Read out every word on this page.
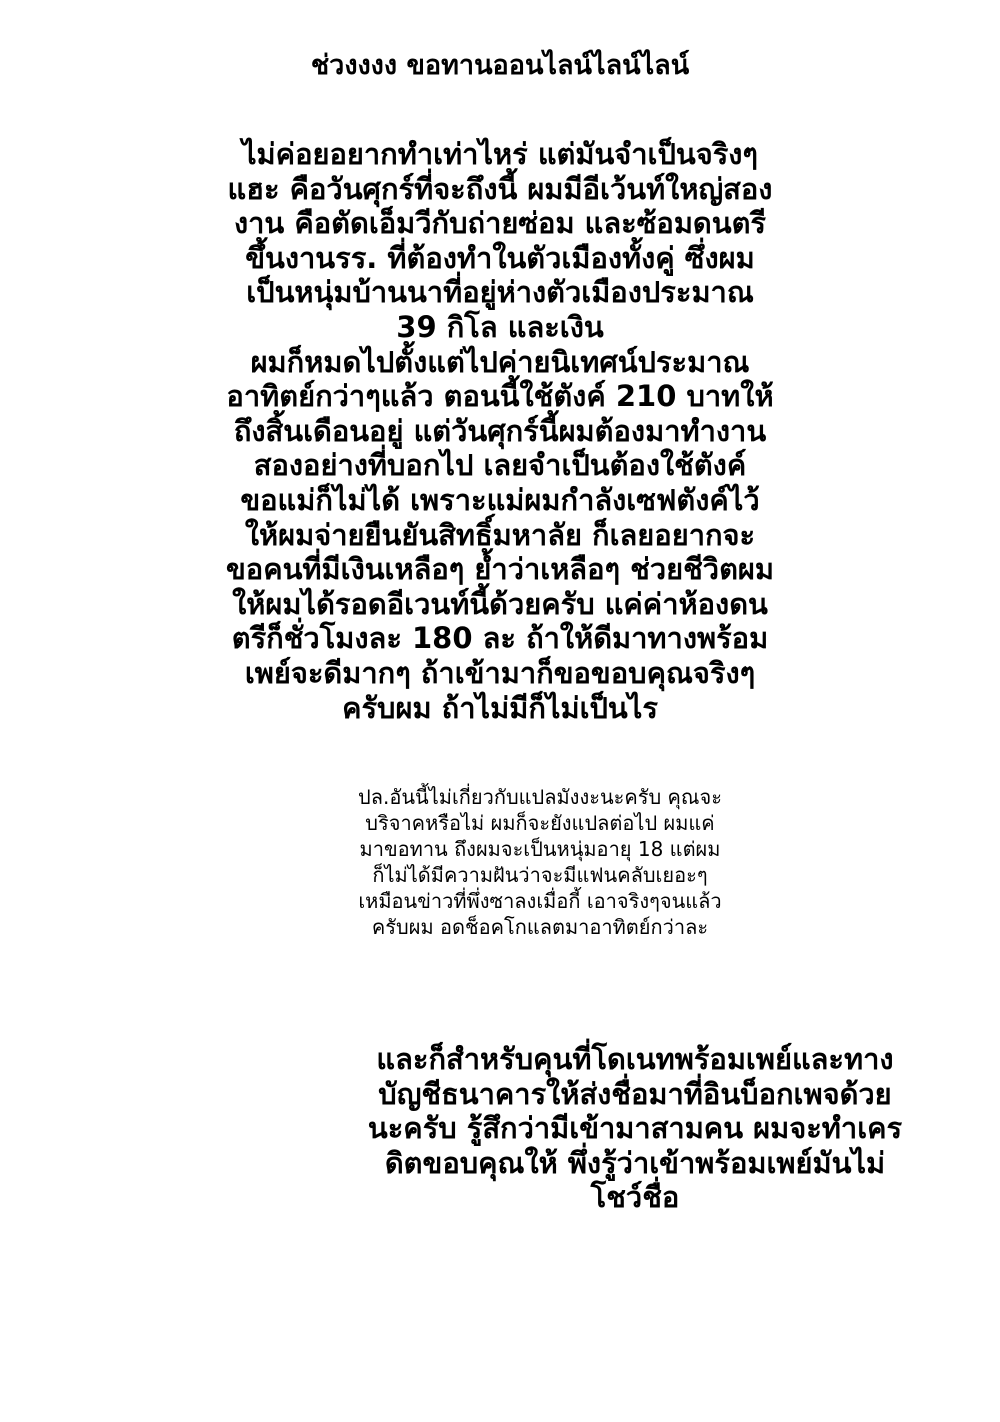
ช่วงงงง ขอทานออนไลน์ไลน์ไลน์
ไม่ค่อยอยากทำเท่าไหร่ แต่มันจำเป็นจริงๆ
แฮะ คือวันศุกร์ที่จะถึงนี้ ผมมีอีเว้นท์ใหญ่สอง
งาน คือตัดเอ็มวีกับถ่ายซ่อม และซ้อมดนตรี
ขึ้นงานรร. ที่ต้องทำในตัวเมืองทั้งคู่ ซึ่งผม
เป็นหนุ่มบ้านนาที่อยู่ห่างตัวเมืองประมาณ
39 กิโล และเงิน
ผมก็หมดไปตั้งแต่ไปค่ายนิเทศน์ประมาณ
อาทิตย์กว่าๆแล้ว ตอนนี้ใช้ตังค์ 210 บาทให้
ถึงสิ้นเดือนอยู่ แต่วันศุกร์นี้ผมต้องมาทำงาน
สองอย่างที่บอกไป เลยจำเป็นต้องใช้ตังค์
ขอแม่ก็ไม่ได้ เพราะแม่ผมกำลังเซฟตังค์ไว้
ให้ผมจ่ายยืนยันสิทธิ์มหาลัย ก็เลยอยากจะ
ขอคนที่มีเงินเหลือๆ ย้ำว่าเหลือๆ ช่วยชีวิตผม
ให้ผมได้รอดอีเวนท์นี้ด้วยครับ แค่ค่าห้องดน
ตรีก็ชั่วโมงละ 180 ละ ถ้าให้ดีมาทางพร้อม
เพย์จะดีมากๆ ถ้าเข้ามาก็ขอขอบคุณจริงๆ
ครับผม ถ้าไม่มีก็ไม่เป็นไร
ปล.อันนี้ไม่เกี่ยวกับแปลมังงะนะครับ คุณจะ
บริจาคหรือไม่ ผมก็จะยังแปลต่อไป ผมแค่
มาขอทาน ถึงผมจะเป็นหนุ่มอายุ 18 แต่ผม
ก็ไม่ได้มีความฝันว่าจะมีแฟนคลับเยอะๆ
เหมือนข่าวที่พึ่งซาลงเมื่อกี้ เอาจริงๆจนแล้ว
ครับผม อดช็อคโกแลตมาอาทิตย์กว่าละ
และก็สำหรับคุนที่โดเนทพร้อมเพย์และทาง
บัญชีธนาคารให้ส่งชื่อมาที่อินบ็อกเพจด้วย
นะครับ รู้สึกว่ามีเข้ามาสามคน ผมจะทำเคร
ดิตขอบคุณให้ พึ่งรู้ว่าเข้าพร้อมเพย์มันไม่
โชว์ชื่อ
